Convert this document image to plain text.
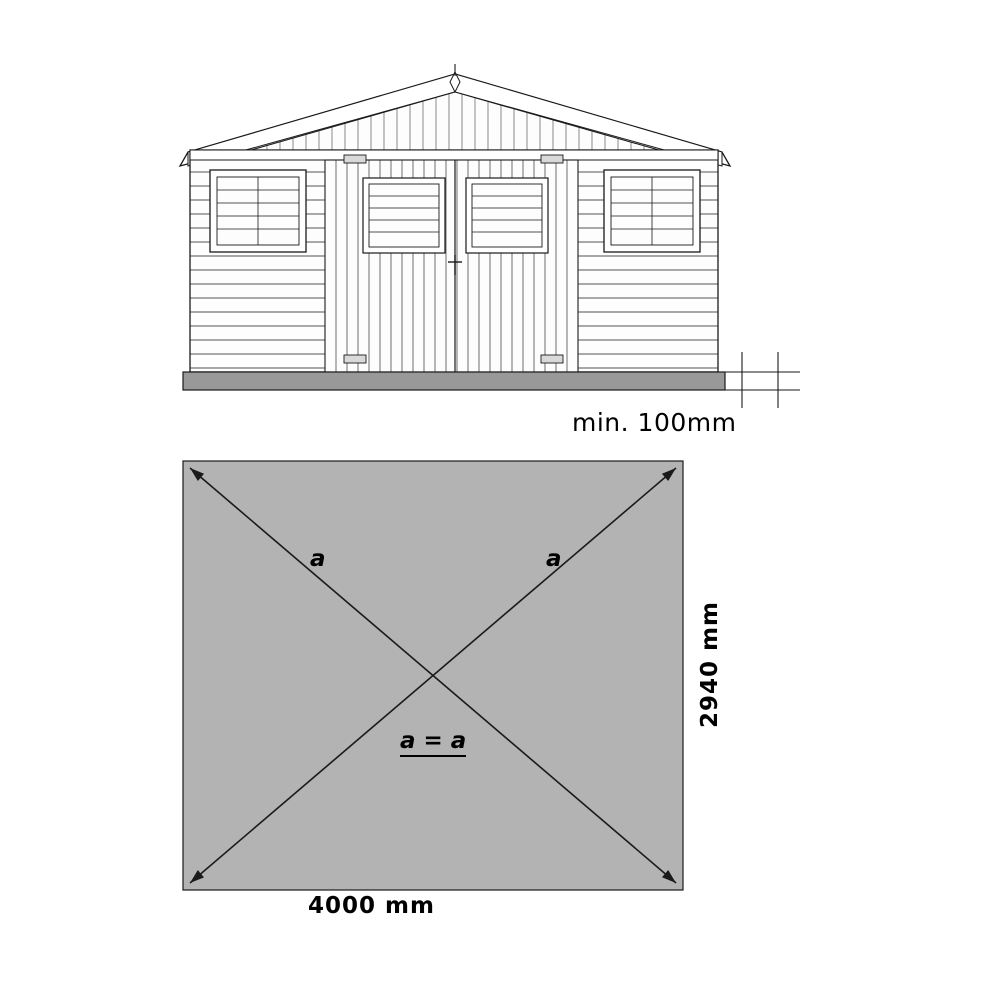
min. 100mm
a	a
a = a
4000 mm
2940 mm
